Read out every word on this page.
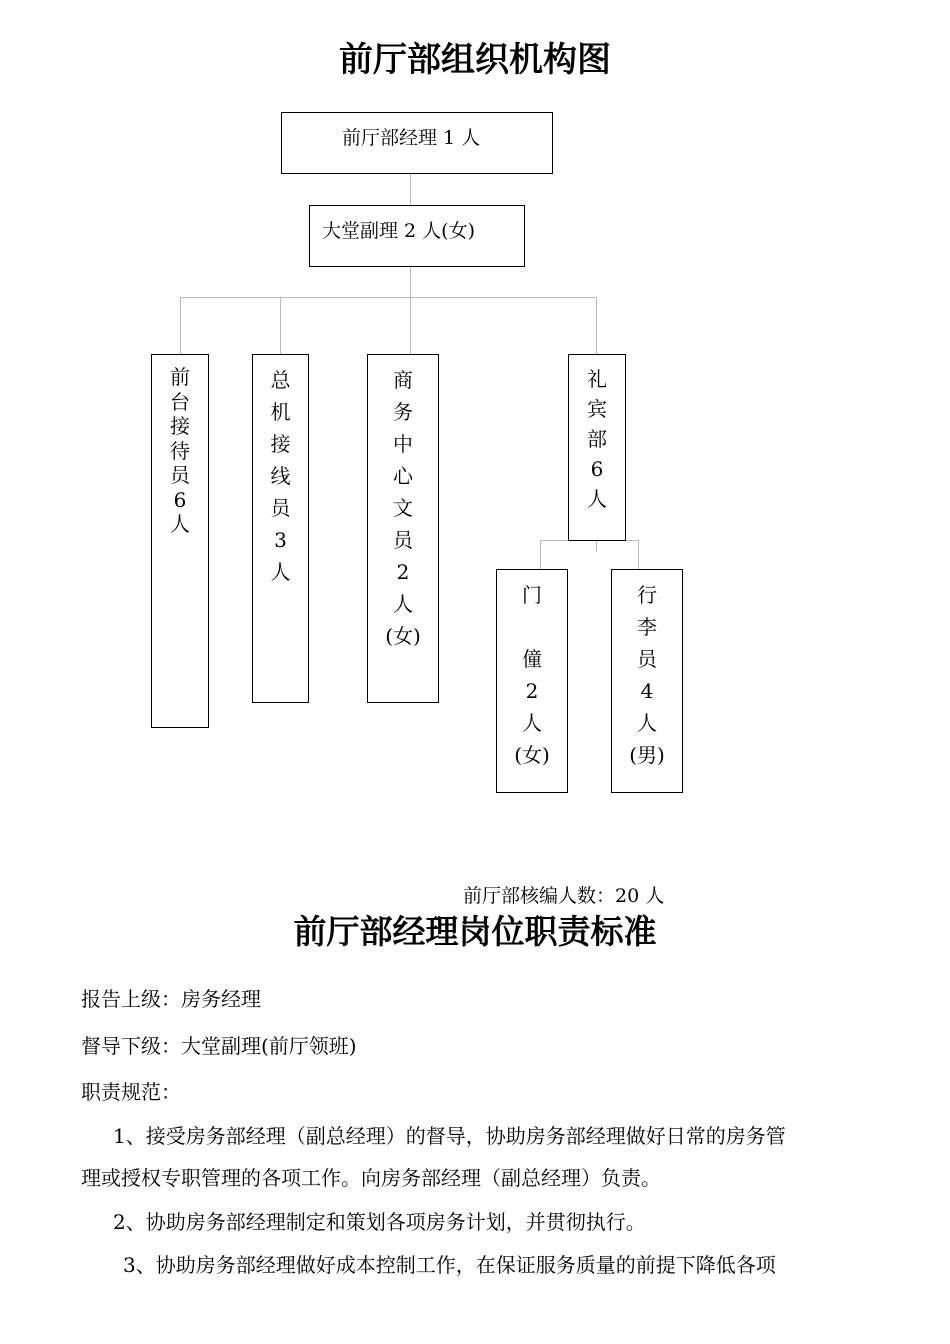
前厅部组织机构图
前厅部经理 1 人
大堂副理 2 人(女)
前
台
接
待
员
6
人
总
机
接
线
员
3
人
商
务
中
心
文
员
2
人
(女)
礼
宾
部
6
人
门
僮
2
人
(女)
行
李
员
4
人
(男)
前厅部核编人数：20 人
前厅部经理岗位职责标准
报告上级：房务经理
督导下级：大堂副理(前厅领班)
职责规范：
1、接受房务部经理（副总经理）的督导，协助房务部经理做好日常的房务管
理或授权专职管理的各项工作。向房务部经理（副总经理）负责。
2、协助房务部经理制定和策划各项房务计划，并贯彻执行。
3、协助房务部经理做好成本控制工作，在保证服务质量的前提下降低各项
